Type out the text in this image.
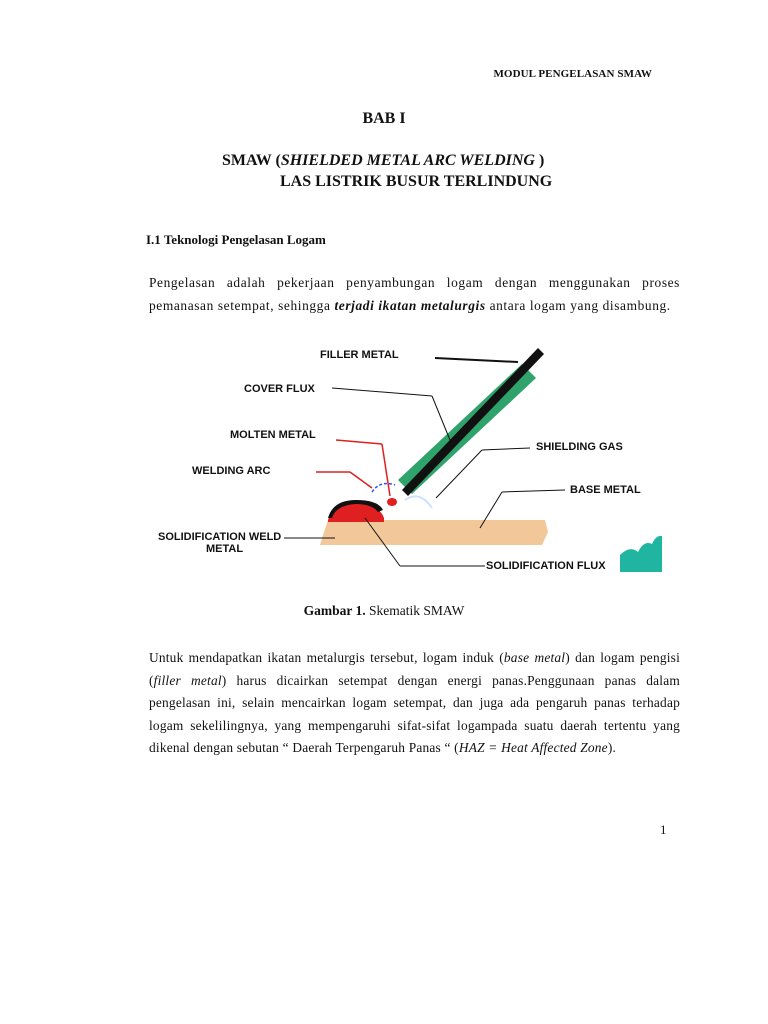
MODUL PENGELASAN SMAW
BAB I
SMAW (SHIELDED METAL ARC WELDING )
LAS LISTRIK BUSUR TERLINDUNG
I.1 Teknologi Pengelasan Logam

Pengelasan adalah pekerjaan penyambungan logam dengan menggunakan proses pemanasan setempat, sehingga terjadi ikatan metalurgis antara logam yang disambung.

FILLER METAL
COVER FLUX
MOLTEN METAL
WELDING ARC
SHIELDING GAS
BASE METAL
SOLIDIFICATION WELD
METAL
SOLIDIFICATION FLUX
Gambar 1. Skematik SMAW

Untuk mendapatkan ikatan metalurgis tersebut, logam induk (base metal) dan logam pengisi (filler metal) harus dicairkan setempat dengan energi panas.Penggunaan panas dalam pengelasan ini, selain mencairkan logam setempat, dan juga ada pengaruh panas terhadap logam sekelilingnya, yang mempengaruhi sifat-sifat logampada suatu daerah tertentu yang dikenal dengan sebutan “ Daerah Terpengaruh Panas “ (HAZ = Heat Affected Zone).

1
